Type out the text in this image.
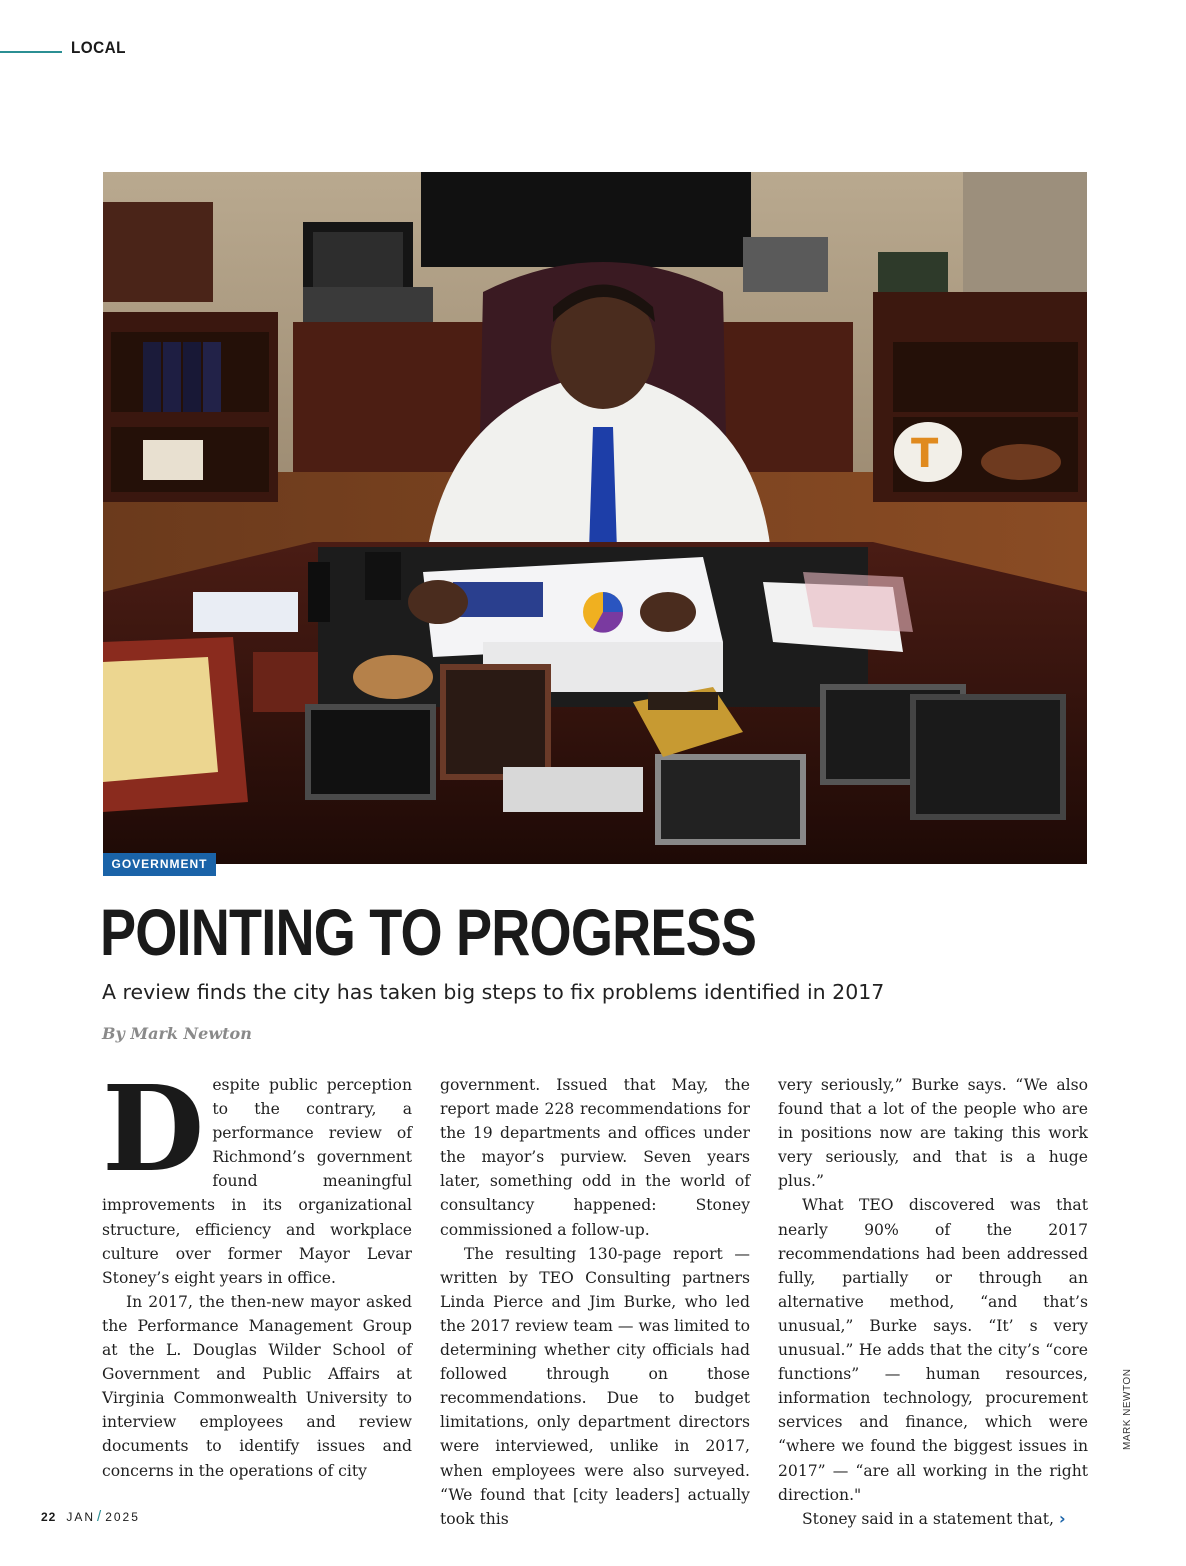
LOCAL
T
GOVERNMENT
POINTING TO PROGRESS

A review finds the city has taken big steps to fix problems identified in 2017

By Mark Newton

Despite public perception to the contrary, a performance review of Richmond’s government found meaningful improvements in its organizational structure, efficiency and workplace culture over former Mayor Levar Stoney’s eight years in office.

In 2017, the then-new mayor asked the Performance Management Group at the L. Douglas Wilder School of Government and Public Affairs at Virginia Commonwealth University to interview employees and review documents to identify issues and concerns in the operations of city

government. Issued that May, the report made 228 recommendations for the 19 departments and offices under the mayor’s purview. Seven years later, something odd in the world of consultancy happened: Stoney commissioned a follow-up.

The resulting 130-page report — written by TEO Consulting partners Linda Pierce and Jim Burke, who led the 2017 review team — was limited to determining whether city officials had followed through on those recommendations. Due to budget limitations, only department directors were interviewed, unlike in 2017, when employees were also surveyed. “We found that [city leaders] actually took this

very seriously,” Burke says. “We also found that a lot of the people who are in positions now are taking this work very seriously, and that is a huge plus.”

What TEO discovered was that nearly 90% of the 2017 recommendations had been addressed fully, partially or through an alternative method, “and that’s unusual,” Burke says. “It’ s very unusual.” He adds that the city’s “core functions” — human resources, information technology, procurement services and finance, which were “where we found the biggest issues in 2017” — “are all working in the right direction."

Stoney said in a statement that, ›

MARK NEWTON
22 JAN / 2025
